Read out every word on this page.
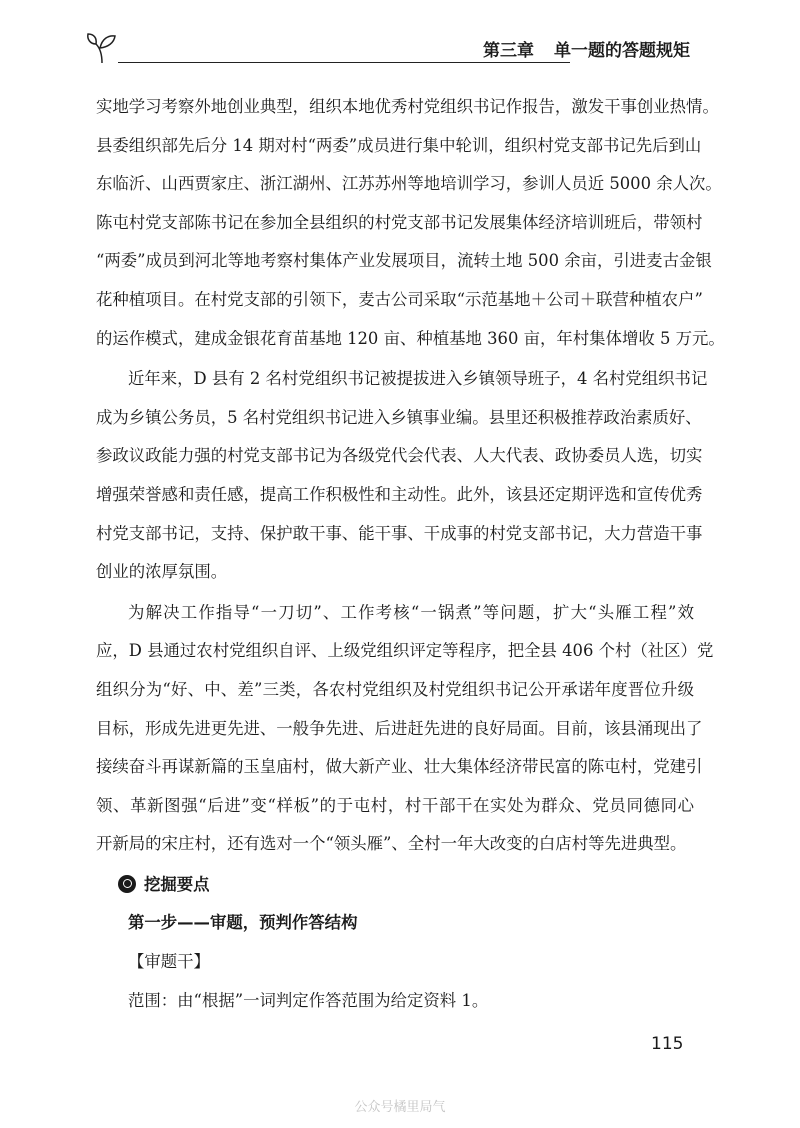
第三章 单一题的答题规矩
实地学习考察外地创业典型，组织本地优秀村党组织书记作报告，激发干事创业热情。
县委组织部先后分 14 期对村“两委”成员进行集中轮训，组织村党支部书记先后到山
东临沂、山西贾家庄、浙江湖州、江苏苏州等地培训学习，参训人员近 5000 余人次。
陈屯村党支部陈书记在参加全县组织的村党支部书记发展集体经济培训班后，带领村
“两委”成员到河北等地考察村集体产业发展项目，流转土地 500 余亩，引进麦古金银
花种植项目。在村党支部的引领下，麦古公司采取“示范基地＋公司＋联营种植农户”
的运作模式，建成金银花育苗基地 120 亩、种植基地 360 亩，年村集体增收 5 万元。
近年来，D 县有 2 名村党组织书记被提拔进入乡镇领导班子，4 名村党组织书记
成为乡镇公务员，5 名村党组织书记进入乡镇事业编。县里还积极推荐政治素质好、
参政议政能力强的村党支部书记为各级党代会代表、人大代表、政协委员人选，切实
增强荣誉感和责任感，提高工作积极性和主动性。此外，该县还定期评选和宣传优秀
村党支部书记，支持、保护敢干事、能干事、干成事的村党支部书记，大力营造干事
创业的浓厚氛围。
为解决工作指导“一刀切”、工作考核“一锅煮”等问题，扩大“头雁工程”效
应，D 县通过农村党组织自评、上级党组织评定等程序，把全县 406 个村（社区）党
组织分为“好、中、差”三类，各农村党组织及村党组织书记公开承诺年度晋位升级
目标，形成先进更先进、一般争先进、后进赶先进的良好局面。目前，该县涌现出了
接续奋斗再谋新篇的玉皇庙村，做大新产业、壮大集体经济带民富的陈屯村，党建引
领、革新图强“后进”变“样板”的于屯村，村干部干在实处为群众、党员同德同心
开新局的宋庄村，还有选对一个“领头雁”、全村一年大改变的白店村等先进典型。
挖掘要点
第一步——审题，预判作答结构
【审题干】
范围：由“根据”一词判定作答范围为给定资料 1。
115
公众号橘里局气
